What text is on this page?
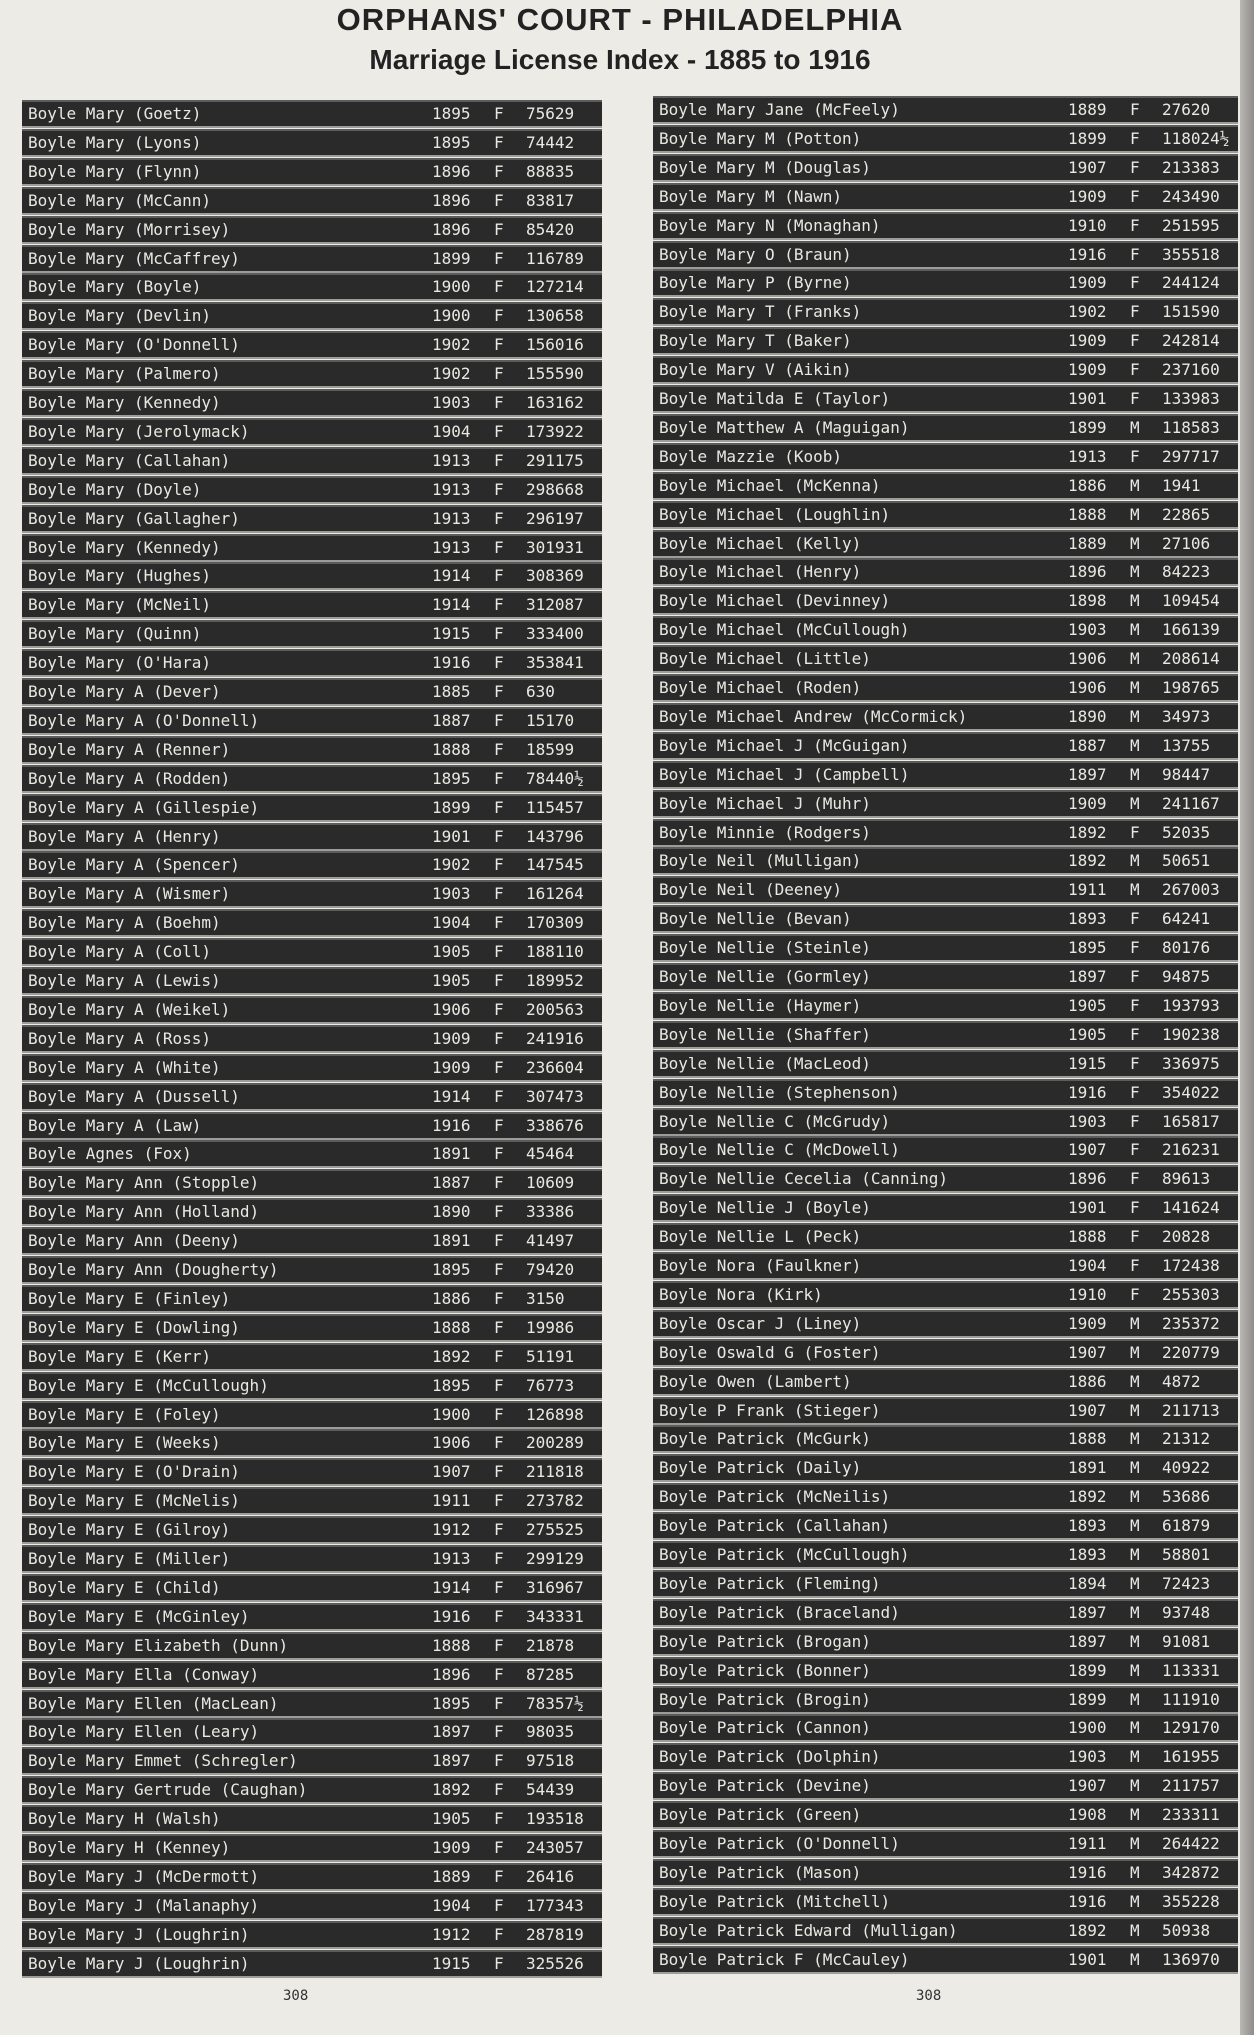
ORPHANS' COURT - PHILADELPHIA
Marriage License Index - 1885 to 1916
Boyle Mary (Goetz)	1895 F 75629
Boyle Mary (Lyons)	1895 F 74442
Boyle Mary (Flynn)	1896 F 88835
Boyle Mary (McCann)	1896 F 83817
Boyle Mary (Morrisey)	1896 F 85420
Boyle Mary (McCaffrey)	1899 F 116789
Boyle Mary (Boyle)	1900 F 127214
Boyle Mary (Devlin)	1900 F 130658
Boyle Mary (O'Donnell)	1902 F 156016
Boyle Mary (Palmero)	1902 F 155590
Boyle Mary (Kennedy)	1903 F 163162
Boyle Mary (Jerolymack)	1904 F 173922
Boyle Mary (Callahan)	1913 F 291175
Boyle Mary (Doyle)	1913 F 298668
Boyle Mary (Gallagher)	1913 F 296197
Boyle Mary (Kennedy)	1913 F 301931
Boyle Mary (Hughes)	1914 F 308369
Boyle Mary (McNeil)	1914 F 312087
Boyle Mary (Quinn)	1915 F 333400
Boyle Mary (O'Hara)	1916 F 353841
Boyle Mary A (Dever)	1885 F 630
Boyle Mary A (O'Donnell)	1887 F 15170
Boyle Mary A (Renner)	1888 F 18599
Boyle Mary A (Rodden)	1895 F 78440½
Boyle Mary A (Gillespie)	1899 F 115457
Boyle Mary A (Henry)	1901 F 143796
Boyle Mary A (Spencer)	1902 F 147545
Boyle Mary A (Wismer)	1903 F 161264
Boyle Mary A (Boehm)	1904 F 170309
Boyle Mary A (Coll)	1905 F 188110
Boyle Mary A (Lewis)	1905 F 189952
Boyle Mary A (Weikel)	1906 F 200563
Boyle Mary A (Ross)	1909 F 241916
Boyle Mary A (White)	1909 F 236604
Boyle Mary A (Dussell)	1914 F 307473
Boyle Mary A (Law)	1916 F 338676
Boyle Agnes (Fox)	1891 F 45464
Boyle Mary Ann (Stopple)	1887 F 10609
Boyle Mary Ann (Holland)	1890 F 33386
Boyle Mary Ann (Deeny)	1891 F 41497
Boyle Mary Ann (Dougherty)	1895 F 79420
Boyle Mary E (Finley)	1886 F 3150
Boyle Mary E (Dowling)	1888 F 19986
Boyle Mary E (Kerr)	1892 F 51191
Boyle Mary E (McCullough)	1895 F 76773
Boyle Mary E (Foley)	1900 F 126898
Boyle Mary E (Weeks)	1906 F 200289
Boyle Mary E (O'Drain)	1907 F 211818
Boyle Mary E (McNelis)	1911 F 273782
Boyle Mary E (Gilroy)	1912 F 275525
Boyle Mary E (Miller)	1913 F 299129
Boyle Mary E (Child)	1914 F 316967
Boyle Mary E (McGinley)	1916 F 343331
Boyle Mary Elizabeth (Dunn)	1888 F 21878
Boyle Mary Ella (Conway)	1896 F 87285
Boyle Mary Ellen (MacLean)	1895 F 78357½
Boyle Mary Ellen (Leary)	1897 F 98035
Boyle Mary Emmet (Schregler)	1897 F 97518
Boyle Mary Gertrude (Caughan)	1892 F 54439
Boyle Mary H (Walsh)	1905 F 193518
Boyle Mary H (Kenney)	1909 F 243057
Boyle Mary J (McDermott)	1889 F 26416
Boyle Mary J (Malanaphy)	1904 F 177343
Boyle Mary J (Loughrin)	1912 F 287819
Boyle Mary J (Loughrin)	1915 F 325526
Boyle Mary Jane (McFeely)	1889 F 27620
Boyle Mary M (Potton)	1899 F 118024½
Boyle Mary M (Douglas)	1907 F 213383
Boyle Mary M (Nawn)	1909 F 243490
Boyle Mary N (Monaghan)	1910 F 251595
Boyle Mary O (Braun)	1916 F 355518
Boyle Mary P (Byrne)	1909 F 244124
Boyle Mary T (Franks)	1902 F 151590
Boyle Mary T (Baker)	1909 F 242814
Boyle Mary V (Aikin)	1909 F 237160
Boyle Matilda E (Taylor)	1901 F 133983
Boyle Matthew A (Maguigan)	1899 M 118583
Boyle Mazzie (Koob)	1913 F 297717
Boyle Michael (McKenna)	1886 M 1941
Boyle Michael (Loughlin)	1888 M 22865
Boyle Michael (Kelly)	1889 M 27106
Boyle Michael (Henry)	1896 M 84223
Boyle Michael (Devinney)	1898 M 109454
Boyle Michael (McCullough)	1903 M 166139
Boyle Michael (Little)	1906 M 208614
Boyle Michael (Roden)	1906 M 198765
Boyle Michael Andrew (McCormick)	1890 M 34973
Boyle Michael J (McGuigan)	1887 M 13755
Boyle Michael J (Campbell)	1897 M 98447
Boyle Michael J (Muhr)	1909 M 241167
Boyle Minnie (Rodgers)	1892 F 52035
Boyle Neil (Mulligan)	1892 M 50651
Boyle Neil (Deeney)	1911 M 267003
Boyle Nellie (Bevan)	1893 F 64241
Boyle Nellie (Steinle)	1895 F 80176
Boyle Nellie (Gormley)	1897 F 94875
Boyle Nellie (Haymer)	1905 F 193793
Boyle Nellie (Shaffer)	1905 F 190238
Boyle Nellie (MacLeod)	1915 F 336975
Boyle Nellie (Stephenson)	1916 F 354022
Boyle Nellie C (McGrudy)	1903 F 165817
Boyle Nellie C (McDowell)	1907 F 216231
Boyle Nellie Cecelia (Canning)	1896 F 89613
Boyle Nellie J (Boyle)	1901 F 141624
Boyle Nellie L (Peck)	1888 F 20828
Boyle Nora (Faulkner)	1904 F 172438
Boyle Nora (Kirk)	1910 F 255303
Boyle Oscar J (Liney)	1909 M 235372
Boyle Oswald G (Foster)	1907 M 220779
Boyle Owen (Lambert)	1886 M 4872
Boyle P Frank (Stieger)	1907 M 211713
Boyle Patrick (McGurk)	1888 M 21312
Boyle Patrick (Daily)	1891 M 40922
Boyle Patrick (McNeilis)	1892 M 53686
Boyle Patrick (Callahan)	1893 M 61879
Boyle Patrick (McCullough)	1893 M 58801
Boyle Patrick (Fleming)	1894 M 72423
Boyle Patrick (Braceland)	1897 M 93748
Boyle Patrick (Brogan)	1897 M 91081
Boyle Patrick (Bonner)	1899 M 113331
Boyle Patrick (Brogin)	1899 M 111910
Boyle Patrick (Cannon)	1900 M 129170
Boyle Patrick (Dolphin)	1903 M 161955
Boyle Patrick (Devine)	1907 M 211757
Boyle Patrick (Green)	1908 M 233311
Boyle Patrick (O'Donnell)	1911 M 264422
Boyle Patrick (Mason)	1916 M 342872
Boyle Patrick (Mitchell)	1916 M 355228
Boyle Patrick Edward (Mulligan)	1892 M 50938
Boyle Patrick F (McCauley)	1901 M 136970
308	308
